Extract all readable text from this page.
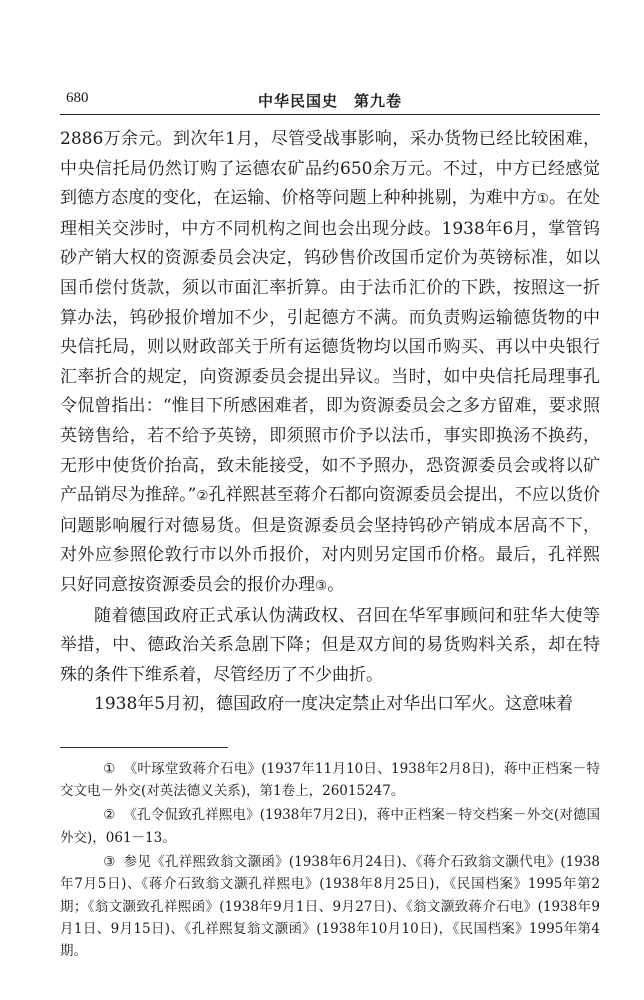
680	中华民国史　第九卷

2886万余元。到次年1月，尽管受战事影响，采办货物已经比较困难，中央信托局仍然订购了运德农矿品约650余万元。不过，中方已经感觉到德方态度的变化，在运输、价格等问题上种种挑剔，为难中方①。在处理相关交涉时，中方不同机构之间也会出现分歧。1938年6月，掌管钨砂产销大权的资源委员会决定，钨砂售价改国币定价为英镑标准，如以国币偿付货款，须以市面汇率折算。由于法币汇价的下跌，按照这一折算办法，钨砂报价增加不少，引起德方不满。而负责购运输德货物的中央信托局，则以财政部关于所有运德货物均以国币购买、再以中央银行汇率折合的规定，向资源委员会提出异议。当时，如中央信托局理事孔令侃曾指出：“惟目下所感困难者，即为资源委员会之多方留难，要求照英镑售给，若不给予英镑，即须照市价予以法币，事实即换汤不换药，无形中使货价抬高，致未能接受，如不予照办，恐资源委员会或将以矿产品销尽为推辞。”②孔祥熙甚至蒋介石都向资源委员会提出，不应以货价问题影响履行对德易货。但是资源委员会坚持钨砂产销成本居高不下，对外应参照伦敦行市以外币报价，对内则另定国币价格。最后，孔祥熙只好同意按资源委员会的报价办理③。

随着德国政府正式承认伪满政权、召回在华军事顾问和驻华大使等举措，中、德政治关系急剧下降；但是双方间的易货购料关系，却在特殊的条件下维系着，尽管经历了不少曲折。

1938年5月初，德国政府一度决定禁止对华出口军火。这意味着

① 《叶琢堂致蒋介石电》(1937年11月10日、1938年2月8日)，蒋中正档案－特交文电－外交(对英法德义关系)，第1卷上，26015247。

② 《孔令侃致孔祥熙电》(1938年7月2日)，蒋中正档案－特交档案－外交(对德国外交)，061－13。

③ 参见《孔祥熙致翁文灏函》(1938年6月24日)、《蒋介石致翁文灏代电》(1938年7月5日)、《蒋介石致翁文灏孔祥熙电》(1938年8月25日)，《民国档案》1995年第2期；《翁文灏致孔祥熙函》(1938年9月1日、9月27日)、《翁文灏致蒋介石电》(1938年9月1日、9月15日)、《孔祥熙复翁文灏函》(1938年10月10日)，《民国档案》1995年第4期。
